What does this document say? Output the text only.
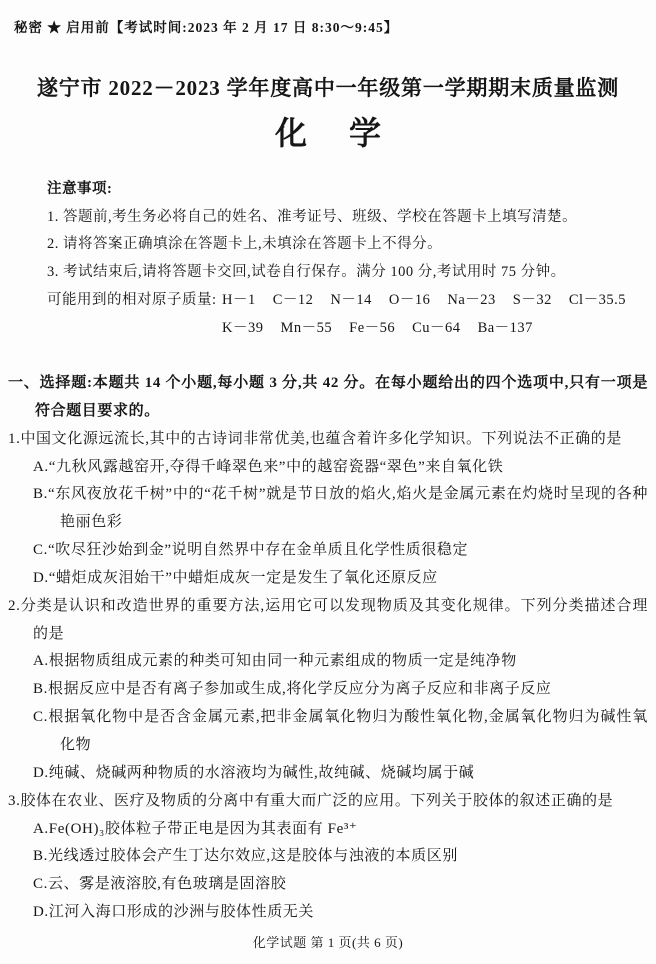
秘密 ★ 启用前【考试时间:2023 年 2 月 17 日 8:30～9:45】
遂宁市 2022－2023 学年度高中一年级第一学期期末质量监测
化 学
注意事项:
1. 答题前,考生务必将自己的姓名、准考证号、班级、学校在答题卡上填写清楚。
2. 请将答案正确填涂在答题卡上,未填涂在答题卡上不得分。
3. 考试结束后,请将答题卡交回,试卷自行保存。满分 100 分,考试用时 75 分钟。
可能用到的相对原子质量: H－1 C－12 N－14 O－16 Na－23 S－32 Cl－35.5
K－39 Mn－55 Fe－56 Cu－64 Ba－137
一、选择题:本题共 14 个小题,每小题 3 分,共 42 分。在每小题给出的四个选项中,只有一项是符合题目要求的。
1.中国文化源远流长,其中的古诗词非常优美,也蕴含着许多化学知识。下列说法不正确的是
A.“九秋风露越窑开,夺得千峰翠色来”中的越窑瓷器“翠色”来自氧化铁
B.“东风夜放花千树”中的“花千树”就是节日放的焰火,焰火是金属元素在灼烧时呈现的各种艳丽色彩
C.“吹尽狂沙始到金”说明自然界中存在金单质且化学性质很稳定
D.“蜡炬成灰泪始干”中蜡炬成灰一定是发生了氧化还原反应
2.分类是认识和改造世界的重要方法,运用它可以发现物质及其变化规律。下列分类描述合理的是
A.根据物质组成元素的种类可知由同一种元素组成的物质一定是纯净物
B.根据反应中是否有离子参加或生成,将化学反应分为离子反应和非离子反应
C.根据氧化物中是否含金属元素,把非金属氧化物归为酸性氧化物,金属氧化物归为碱性氧化物
D.纯碱、烧碱两种物质的水溶液均为碱性,故纯碱、烧碱均属于碱
3.胶体在农业、医疗及物质的分离中有重大而广泛的应用。下列关于胶体的叙述正确的是
A.Fe(OH)₃胶体粒子带正电是因为其表面有 Fe³⁺
B.光线透过胶体会产生丁达尔效应,这是胶体与浊液的本质区别
C.云、雾是液溶胶,有色玻璃是固溶胶
D.江河入海口形成的沙洲与胶体性质无关
化学试题 第 1 页(共 6 页)
